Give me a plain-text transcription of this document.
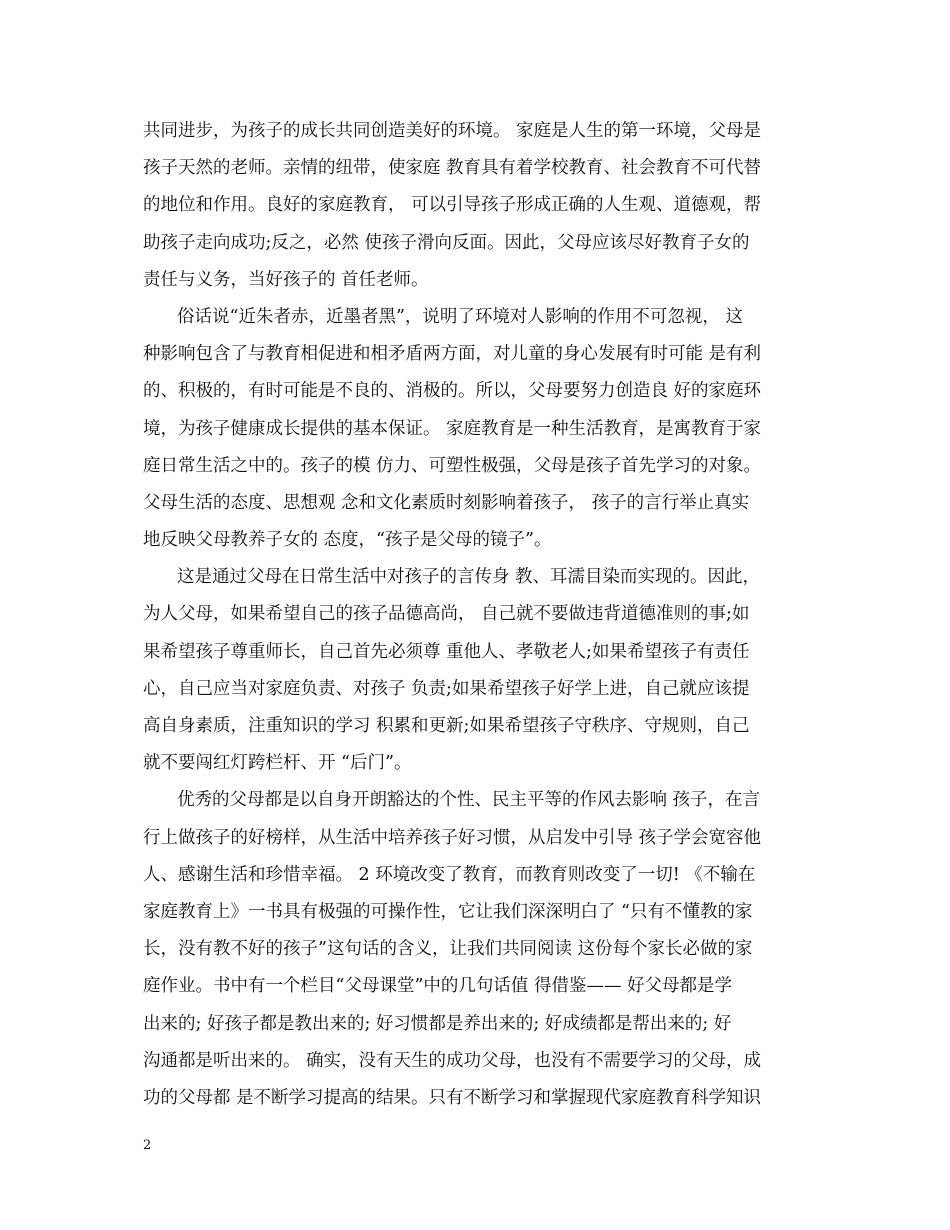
共同进步，为孩子的成长共同创造美好的环境。 家庭是人生的第一环境，父母是
孩子天然的老师。亲情的纽带，使家庭 教育具有着学校教育、社会教育不可代替
的地位和作用。良好的家庭教育， 可以引导孩子形成正确的人生观、道德观，帮
助孩子走向成功;反之，必然 使孩子滑向反面。因此，父母应该尽好教育子女的
责任与义务，当好孩子的 首任老师。
俗话说“近朱者赤，近墨者黑”，说明了环境对人影响的作用不可忽视， 这
种影响包含了与教育相促进和相矛盾两方面，对儿童的身心发展有时可能 是有利
的、积极的，有时可能是不良的、消极的。所以，父母要努力创造良 好的家庭环
境，为孩子健康成长提供的基本保证。 家庭教育是一种生活教育，是寓教育于家
庭日常生活之中的。孩子的模 仿力、可塑性极强，父母是孩子首先学习的对象。
父母生活的态度、思想观 念和文化素质时刻影响着孩子， 孩子的言行举止真实
地反映父母教养子女的 态度，“孩子是父母的镜子”。
这是通过父母在日常生活中对孩子的言传身 教、耳濡目染而实现的。因此，
为人父母，如果希望自己的孩子品德高尚， 自己就不要做违背道德准则的事;如
果希望孩子尊重师长，自己首先必须尊 重他人、孝敬老人;如果希望孩子有责任
心，自己应当对家庭负责、对孩子 负责;如果希望孩子好学上进，自己就应该提
高自身素质，注重知识的学习 积累和更新;如果希望孩子守秩序、守规则，自己
就不要闯红灯跨栏杆、开 “后门”。
优秀的父母都是以自身开朗豁达的个性、民主平等的作风去影响 孩子，在言
行上做孩子的好榜样，从生活中培养孩子好习惯，从启发中引导 孩子学会宽容他
人、感谢生活和珍惜幸福。 2 环境改变了教育，而教育则改变了一切! 《不输在
家庭教育上》一书具有极强的可操作性，它让我们深深明白了 “只有不懂教的家
长，没有教不好的孩子”这句话的含义，让我们共同阅读 这份每个家长必做的家
庭作业。书中有一个栏目“父母课堂”中的几句话值 得借鉴—— 好父母都是学
出来的; 好孩子都是教出来的; 好习惯都是养出来的; 好成绩都是帮出来的; 好
沟通都是听出来的。 确实，没有天生的成功父母，也没有不需要学习的父母，成
功的父母都 是不断学习提高的结果。只有不断学习和掌握现代家庭教育科学知识
2
